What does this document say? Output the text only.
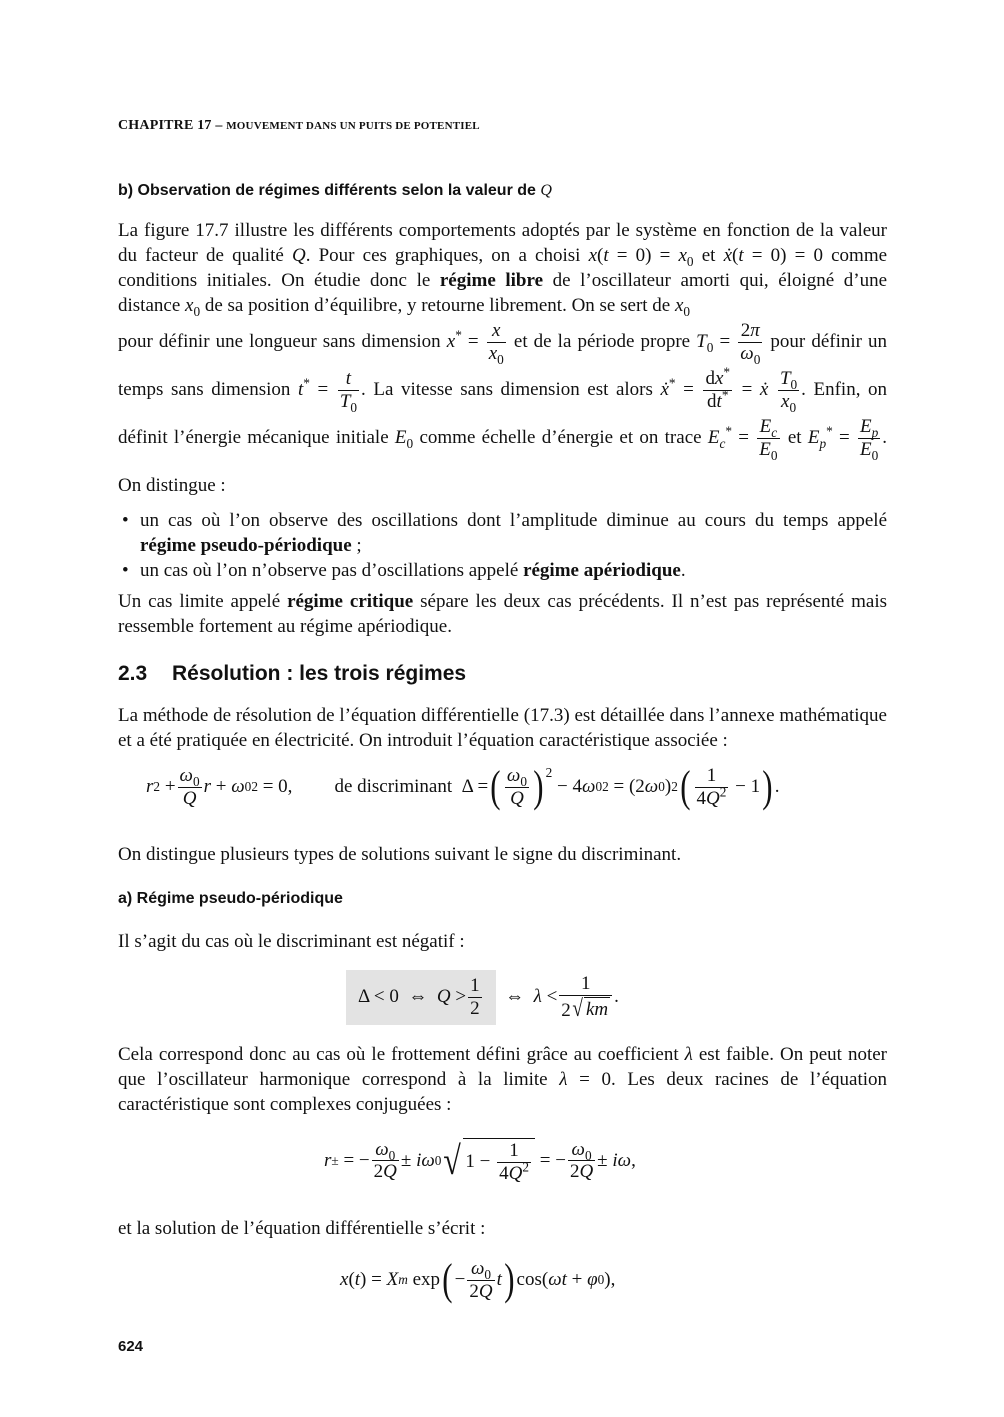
CHAPITRE 17 – MOUVEMENT DANS UN PUITS DE POTENTIEL
b) Observation de régimes différents selon la valeur de Q

La figure 17.7 illustre les différents comportements adoptés par le système en fonction de la valeur du facteur de qualité Q. Pour ces graphiques, on a choisi $x(t = 0) = x_0$ et ẋ(t = 0) = 0 comme conditions initiales. On étudie donc le régime libre de l’oscillateur amorti qui, éloigné d’une distance $x_0$ de sa position d’équilibre, y retourne librement. On se sert de $x_0$

pour définir une longueur sans dimension $x^* = \frac{x}{x_0}$ et de la période propre $T_0 = \frac{2\pi}{\omega_0}$ pour définir un temps sans dimension $t^* = \frac{t}{T_0}$ . La vitesse sans dimension est alors ẋ* = $\frac{dx^*}{dt^*}$ = ẋ $\frac{T_0}{x_0}$ . Enfin, on définit l’énergie mécanique initiale $E_0$ comme échelle d’énergie et on trace $E_c^* = \frac{E_c}{E_0}$ et $E_p^* = \frac{E_p}{E_0}$ . On distingue :

• un cas où l’on observe des oscillations dont l’amplitude diminue au cours du temps appelé régime pseudo-périodique ;

• un cas où l’on n’observe pas d’oscillations appelé régime apériodique.

Un cas limite appelé régime critique sépare les deux cas précédents. Il n’est pas représenté mais ressemble fortement au régime apériodique.

2.3 Résolution : les trois régimes

La méthode de résolution de l’équation différentielle (17.3) est détaillée dans l’annexe mathématique et a été pratiquée en électricité. On introduit l’équation caractéristique associée :

r $2 + \frac{\omega_0}{Q}$ r + ω 0 2 = 0, de discriminant Δ = ( $\frac{\omega_0}{Q} )^2$
− 4 ω 0 2 = (2 ω 0 ) 2 ( $\frac{1}{4Q^2} - 1$ ) .

On distingue plusieurs types de solutions suivant le signe du discriminant.

a) Régime pseudo-périodique

Il s’agit du cas où le discriminant est négatif :

Δ < 0  ⇔ $Q > \frac{1}{2}$ ⇔ $\lambda < \frac{1}{2 √ km}$ .

Cela correspond donc au cas où le frottement défini grâce au coefficient λ est faible. On peut noter que l’oscillateur harmonique correspond à la limite λ = 0. Les deux racines de l’équation caractéristique sont complexes conjuguées :

r ± = − $\frac{\omega_0}{2Q} \pm i\omega$ 0 √ $1 - \frac{1}{4Q^2}$ = − $\frac{\omega_0}{2Q} \pm i\omega$ ,

et la solution de l’équation différentielle s’écrit :

x ( t ) = X m exp ( − $\frac{\omega_0}{2Q}$ t ) cos( ωt + φ 0 ),
624
